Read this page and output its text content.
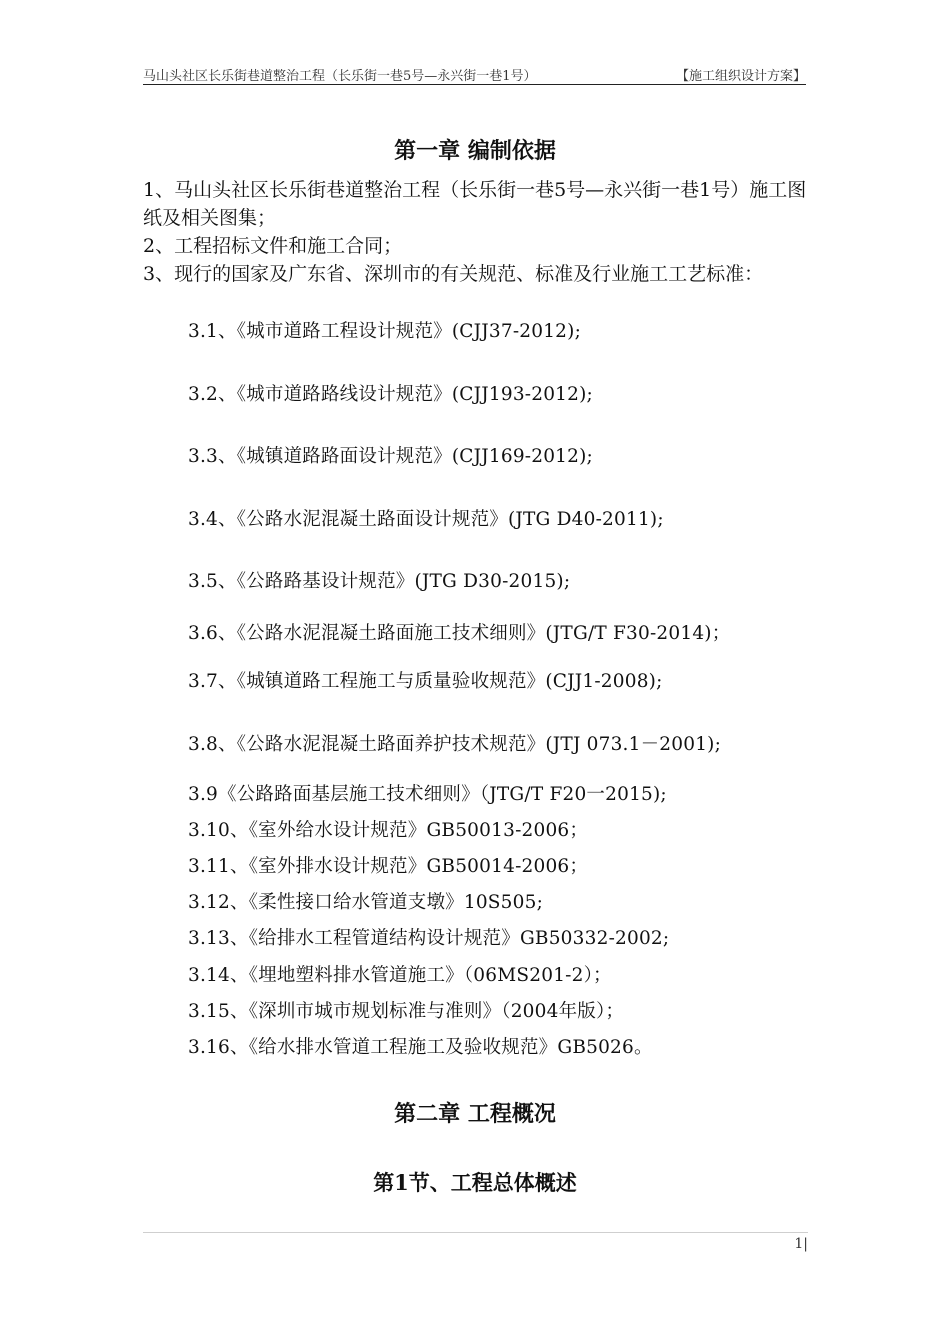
马山头社区长乐街巷道整治工程（长乐街一巷5号—永兴街一巷1号）	【施工组织设计方案】
第一章 编制依据

1、马山头社区长乐街巷道整治工程（长乐街一巷5号—永兴街一巷1号）施工图纸及相关图集；

2、工程招标文件和施工合同；

3、现行的国家及广东省、深圳市的有关规范、标准及行业施工工艺标准：

3.1、《城市道路工程设计规范》(CJJ37-2012);
3.2、《城市道路路线设计规范》(CJJ193-2012);
3.3、《城镇道路路面设计规范》(CJJ169-2012);
3.4、《公路水泥混凝土路面设计规范》(JTG D40-2011);
3.5、《公路路基设计规范》(JTG D30-2015);
3.6、《公路水泥混凝土路面施工技术细则》(JTG/T F30-2014)；
3.7、《城镇道路工程施工与质量验收规范》(CJJ1-2008);
3.8、《公路水泥混凝土路面养护技术规范》(JTJ 073.1－2001);
3.9《公路路面基层施工技术细则》（JTG/T F20一2015);
3.10、《室外给水设计规范》GB50013-2006；
3.11、《室外排水设计规范》GB50014-2006；
3.12、《柔性接口给水管道支墩》10S505;
3.13、《给排水工程管道结构设计规范》GB50332-2002;
3.14、《埋地塑料排水管道施工》（06MS201-2）；
3.15、《深圳市城市规划标准与准则》（2004年版）；
3.16、《给水排水管道工程施工及验收规范》GB5026。
第二章 工程概况
第1节、工程总体概述
1|
